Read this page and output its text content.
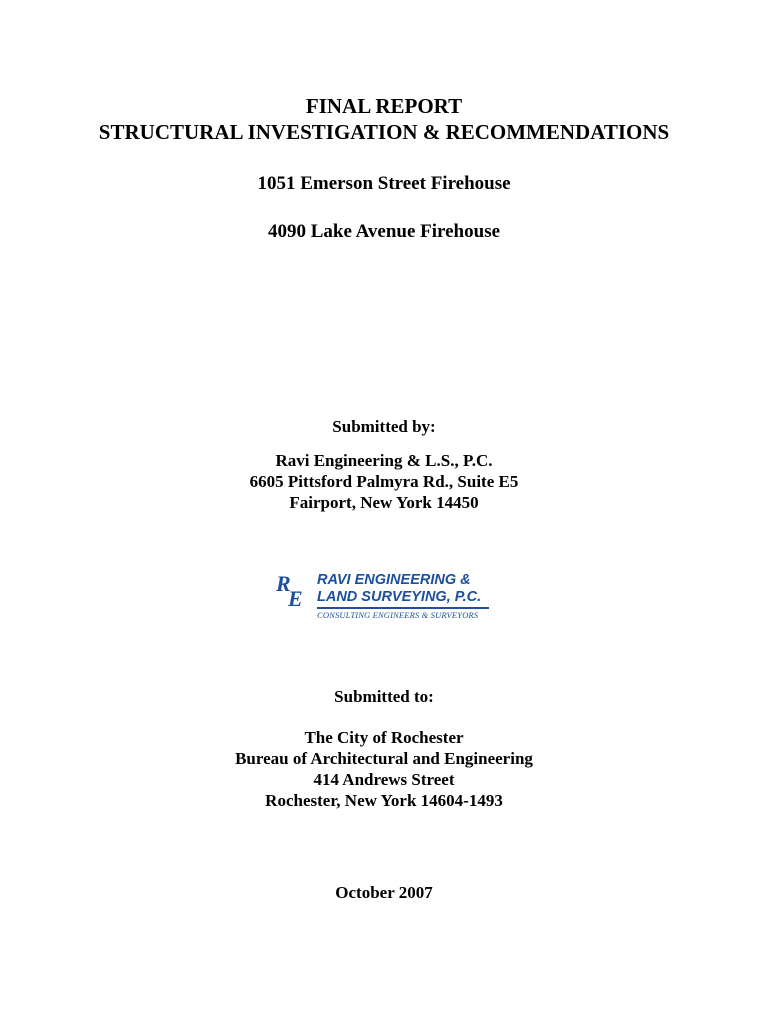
FINAL REPORT
STRUCTURAL INVESTIGATION & RECOMMENDATIONS
1051 Emerson Street Firehouse
4090 Lake Avenue Firehouse
Submitted by:
Ravi Engineering & L.S., P.C.
6605 Pittsford Palmyra Rd., Suite E5
Fairport, New York 14450
R
E
RAVI ENGINEERING &
LAND SURVEYING, P.C.
CONSULTING ENGINEERS & SURVEYORS
Submitted to:
The City of Rochester
Bureau of Architectural and Engineering
414 Andrews Street
Rochester, New York 14604-1493
October 2007
